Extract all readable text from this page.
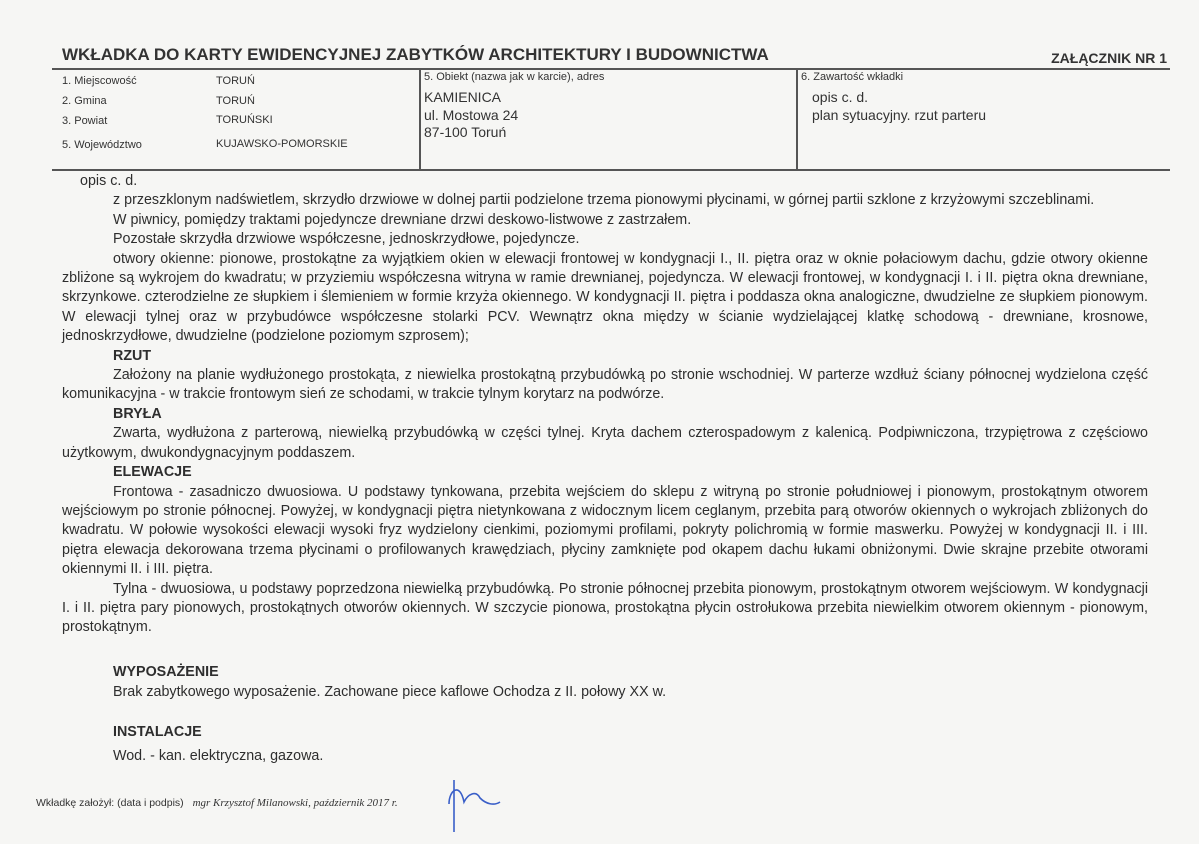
WKŁADKA DO KARTY EWIDENCYJNEJ ZABYTKÓW ARCHITEKTURY I BUDOWNICTWA	ZAŁĄCZNIK NR 1
1. Miejscowość	TORUŃ
2. Gmina	TORUŃ
3. Powiat	TORUŃSKI
5. Województwo	KUJAWSKO-POMORSKIE
5. Obiekt (nazwa jak w karcie), adres
KAMIENICA
ul. Mostowa 24
87-100 Toruń
6. Zawartość wkładki
opis c. d.
plan sytuacyjny. rzut parteru

opis c. d.

z przeszklonym nadświetlem, skrzydło drzwiowe w dolnej partii podzielone trzema pionowymi płycinami, w górnej partii szklone z krzyżowymi szczeblinami.

W piwnicy, pomiędzy traktami pojedyncze drewniane drzwi deskowo-listwowe z zastrzałem.

Pozostałe skrzydła drzwiowe współczesne, jednoskrzydłowe, pojedyncze.

otwory okienne: pionowe, prostokątne za wyjątkiem okien w elewacji frontowej w kondygnacji I., II. piętra oraz w oknie połaciowym dachu, gdzie otwory okienne zbliżone są wykrojem do kwadratu; w przyziemiu współczesna witryna w ramie drewnianej, pojedyncza. W elewacji frontowej, w kondygnacji I. i II. piętra okna drewniane, skrzynkowe. czterodzielne ze słupkiem i ślemieniem w formie krzyża okiennego. W kondygnacji II. piętra i poddasza okna analogiczne, dwudzielne ze słupkiem pionowym. W elewacji tylnej oraz w przybudówce współczesne stolarki PCV. Wewnątrz okna między w ścianie wydzielającej klatkę schodową - drewniane, krosnowe, jednoskrzydłowe, dwudzielne (podzielone poziomym szprosem);

RZUT

Założony na planie wydłużonego prostokąta, z niewielka prostokątną przybudówką po stronie wschodniej. W parterze wzdłuż ściany północnej wydzielona część komunikacyjna - w trakcie frontowym sień ze schodami, w trakcie tylnym korytarz na podwórze.

BRYŁA

Zwarta, wydłużona z parterową, niewielką przybudówką w części tylnej. Kryta dachem czterospadowym z kalenicą. Podpiwniczona, trzypiętrowa z częściowo użytkowym, dwukondygnacyjnym poddaszem.

ELEWACJE

Frontowa - zasadniczo dwuosiowa. U podstawy tynkowana, przebita wejściem do sklepu z witryną po stronie południowej i pionowym, prostokątnym otworem wejściowym po stronie północnej. Powyżej, w kondygnacji piętra nietynkowana z widocznym licem ceglanym, przebita parą otworów okiennych o wykrojach zbliżonych do kwadratu. W połowie wysokości elewacji wysoki fryz wydzielony cienkimi, poziomymi profilami, pokryty polichromią w formie maswerku. Powyżej w kondygnacji II. i III. piętra elewacja dekorowana trzema płycinami o profilowanych krawędziach, płyciny zamknięte pod okapem dachu łukami obniżonymi. Dwie skrajne przebite otworami okiennymi II. i III. piętra.

Tylna - dwuosiowa, u podstawy poprzedzona niewielką przybudówką. Po stronie północnej przebita pionowym, prostokątnym otworem wejściowym. W kondygnacji I. i II. piętra pary pionowych, prostokątnych otworów okiennych. W szczycie pionowa, prostokątna płycin ostrołukowa przebita niewielkim otworem okiennym - pionowym, prostokątnym.

WYPOSAŻENIE

Brak zabytkowego wyposażenie. Zachowane piece kaflowe Ochodza z II. połowy XX w.

INSTALACJE

Wod. - kan. elektryczna, gazowa.

Wkładkę założył: (data i podpis) mgr Krzysztof Milanowski, październik 2017 r.
